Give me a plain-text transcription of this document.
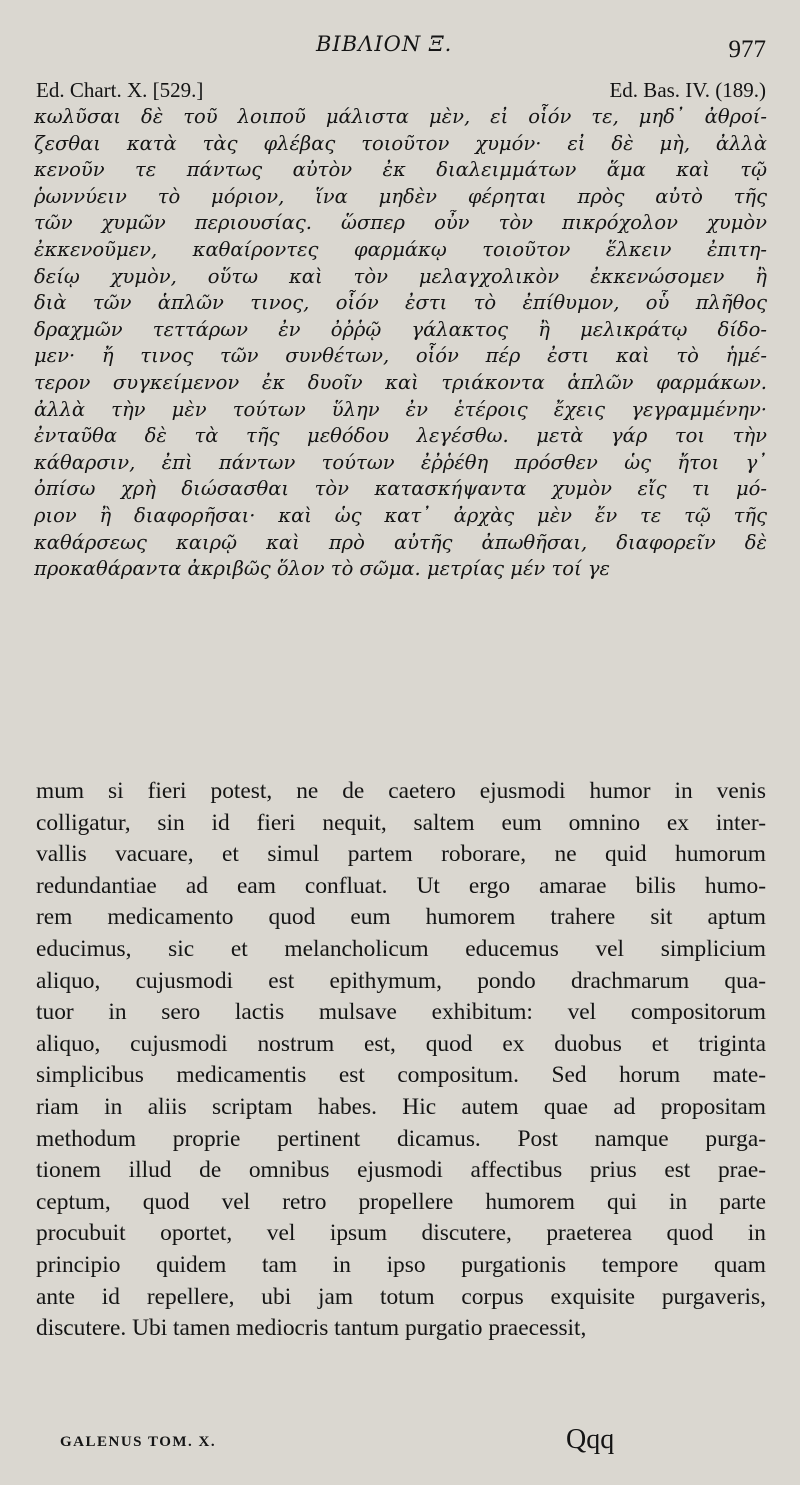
ΒΙΒΛΙΟΝ Ξ.	977
Ed. Chart. X. [529.]	Ed. Bas. IV. (189.)
κωλῦσαι δὲ τοῦ λοιποῦ μάλιστα μὲν, εἰ οἷόν τε, μηδ᾽ ἀθροί-
ζεσθαι κατὰ τὰς φλέβας τοιοῦτον χυμόν· εἰ δὲ μὴ, ἀλλὰ
κενοῦν τε πάντως αὐτὸν ἐκ διαλειμμάτων ἅμα καὶ τῷ
ῥωννύειν τὸ μόριον, ἵνα μηδὲν φέρηται πρὸς αὐτὸ τῆς
τῶν χυμῶν περιουσίας. ὥσπερ οὖν τὸν πικρόχολον χυμὸν
ἐκκενοῦμεν, καθαίροντες φαρμάκῳ τοιοῦτον ἕλκειν ἐπιτη-
δείῳ χυμὸν, οὕτω καὶ τὸν μελαγχολικὸν ἐκκενώσομεν ἢ
διὰ τῶν ἁπλῶν τινος, οἷόν ἐστι τὸ ἐπίθυμον, οὗ πλῆθος
δραχμῶν τεττάρων ἐν ὀῤῥῷ γάλακτος ἢ μελικράτῳ δίδο-
μεν· ἤ τινος τῶν συνθέτων, οἷόν πέρ ἐστι καὶ τὸ ἡμέ-
τερον συγκείμενον ἐκ δυοῖν καὶ τριάκοντα ἁπλῶν φαρμάκων.
ἀλλὰ τὴν μὲν τούτων ὕλην ἐν ἑτέροις ἔχεις γεγραμμένην·
ἐνταῦθα δὲ τὰ τῆς μεθόδου λεγέσθω. μετὰ γάρ τοι τὴν
κάθαρσιν, ἐπὶ πάντων τούτων ἐῤῥέθη πρόσθεν ὡς ἤτοι γ᾽
ὀπίσω χρὴ διώσασθαι τὸν κατασκήψαντα χυμὸν εἴς τι μό-
ριον ἢ διαφορῆσαι· καὶ ὡς κατ᾽ ἀρχὰς μὲν ἔν τε τῷ τῆς
καθάρσεως καιρῷ καὶ πρὸ αὐτῆς ἀπωθῆσαι, διαφορεῖν δὲ
προκαθάραντα ἀκριβῶς ὅλον τὸ σῶμα. μετρίας μέν τοί γε
mum si fieri potest, ne de caetero ejusmodi humor in venis
colligatur, sin id fieri nequit, saltem eum omnino ex inter-
vallis vacuare, et simul partem roborare, ne quid humorum
redundantiae ad eam confluat. Ut ergo amarae bilis humo-
rem medicamento quod eum humorem trahere sit aptum
educimus, sic et melancholicum educemus vel simplicium
aliquo, cujusmodi est epithymum, pondo drachmarum qua-
tuor in sero lactis mulsave exhibitum: vel compositorum
aliquo, cujusmodi nostrum est, quod ex duobus et triginta
simplicibus medicamentis est compositum. Sed horum mate-
riam in aliis scriptam habes. Hic autem quae ad propositam
methodum proprie pertinent dicamus. Post namque purga-
tionem illud de omnibus ejusmodi affectibus prius est prae-
ceptum, quod vel retro propellere humorem qui in parte
procubuit oportet, vel ipsum discutere, praeterea quod in
principio quidem tam in ipso purgationis tempore quam
ante id repellere, ubi jam totum corpus exquisite purgaveris,
discutere. Ubi tamen mediocris tantum purgatio praecessit,
GALENUS TOM. X.	Qqq
